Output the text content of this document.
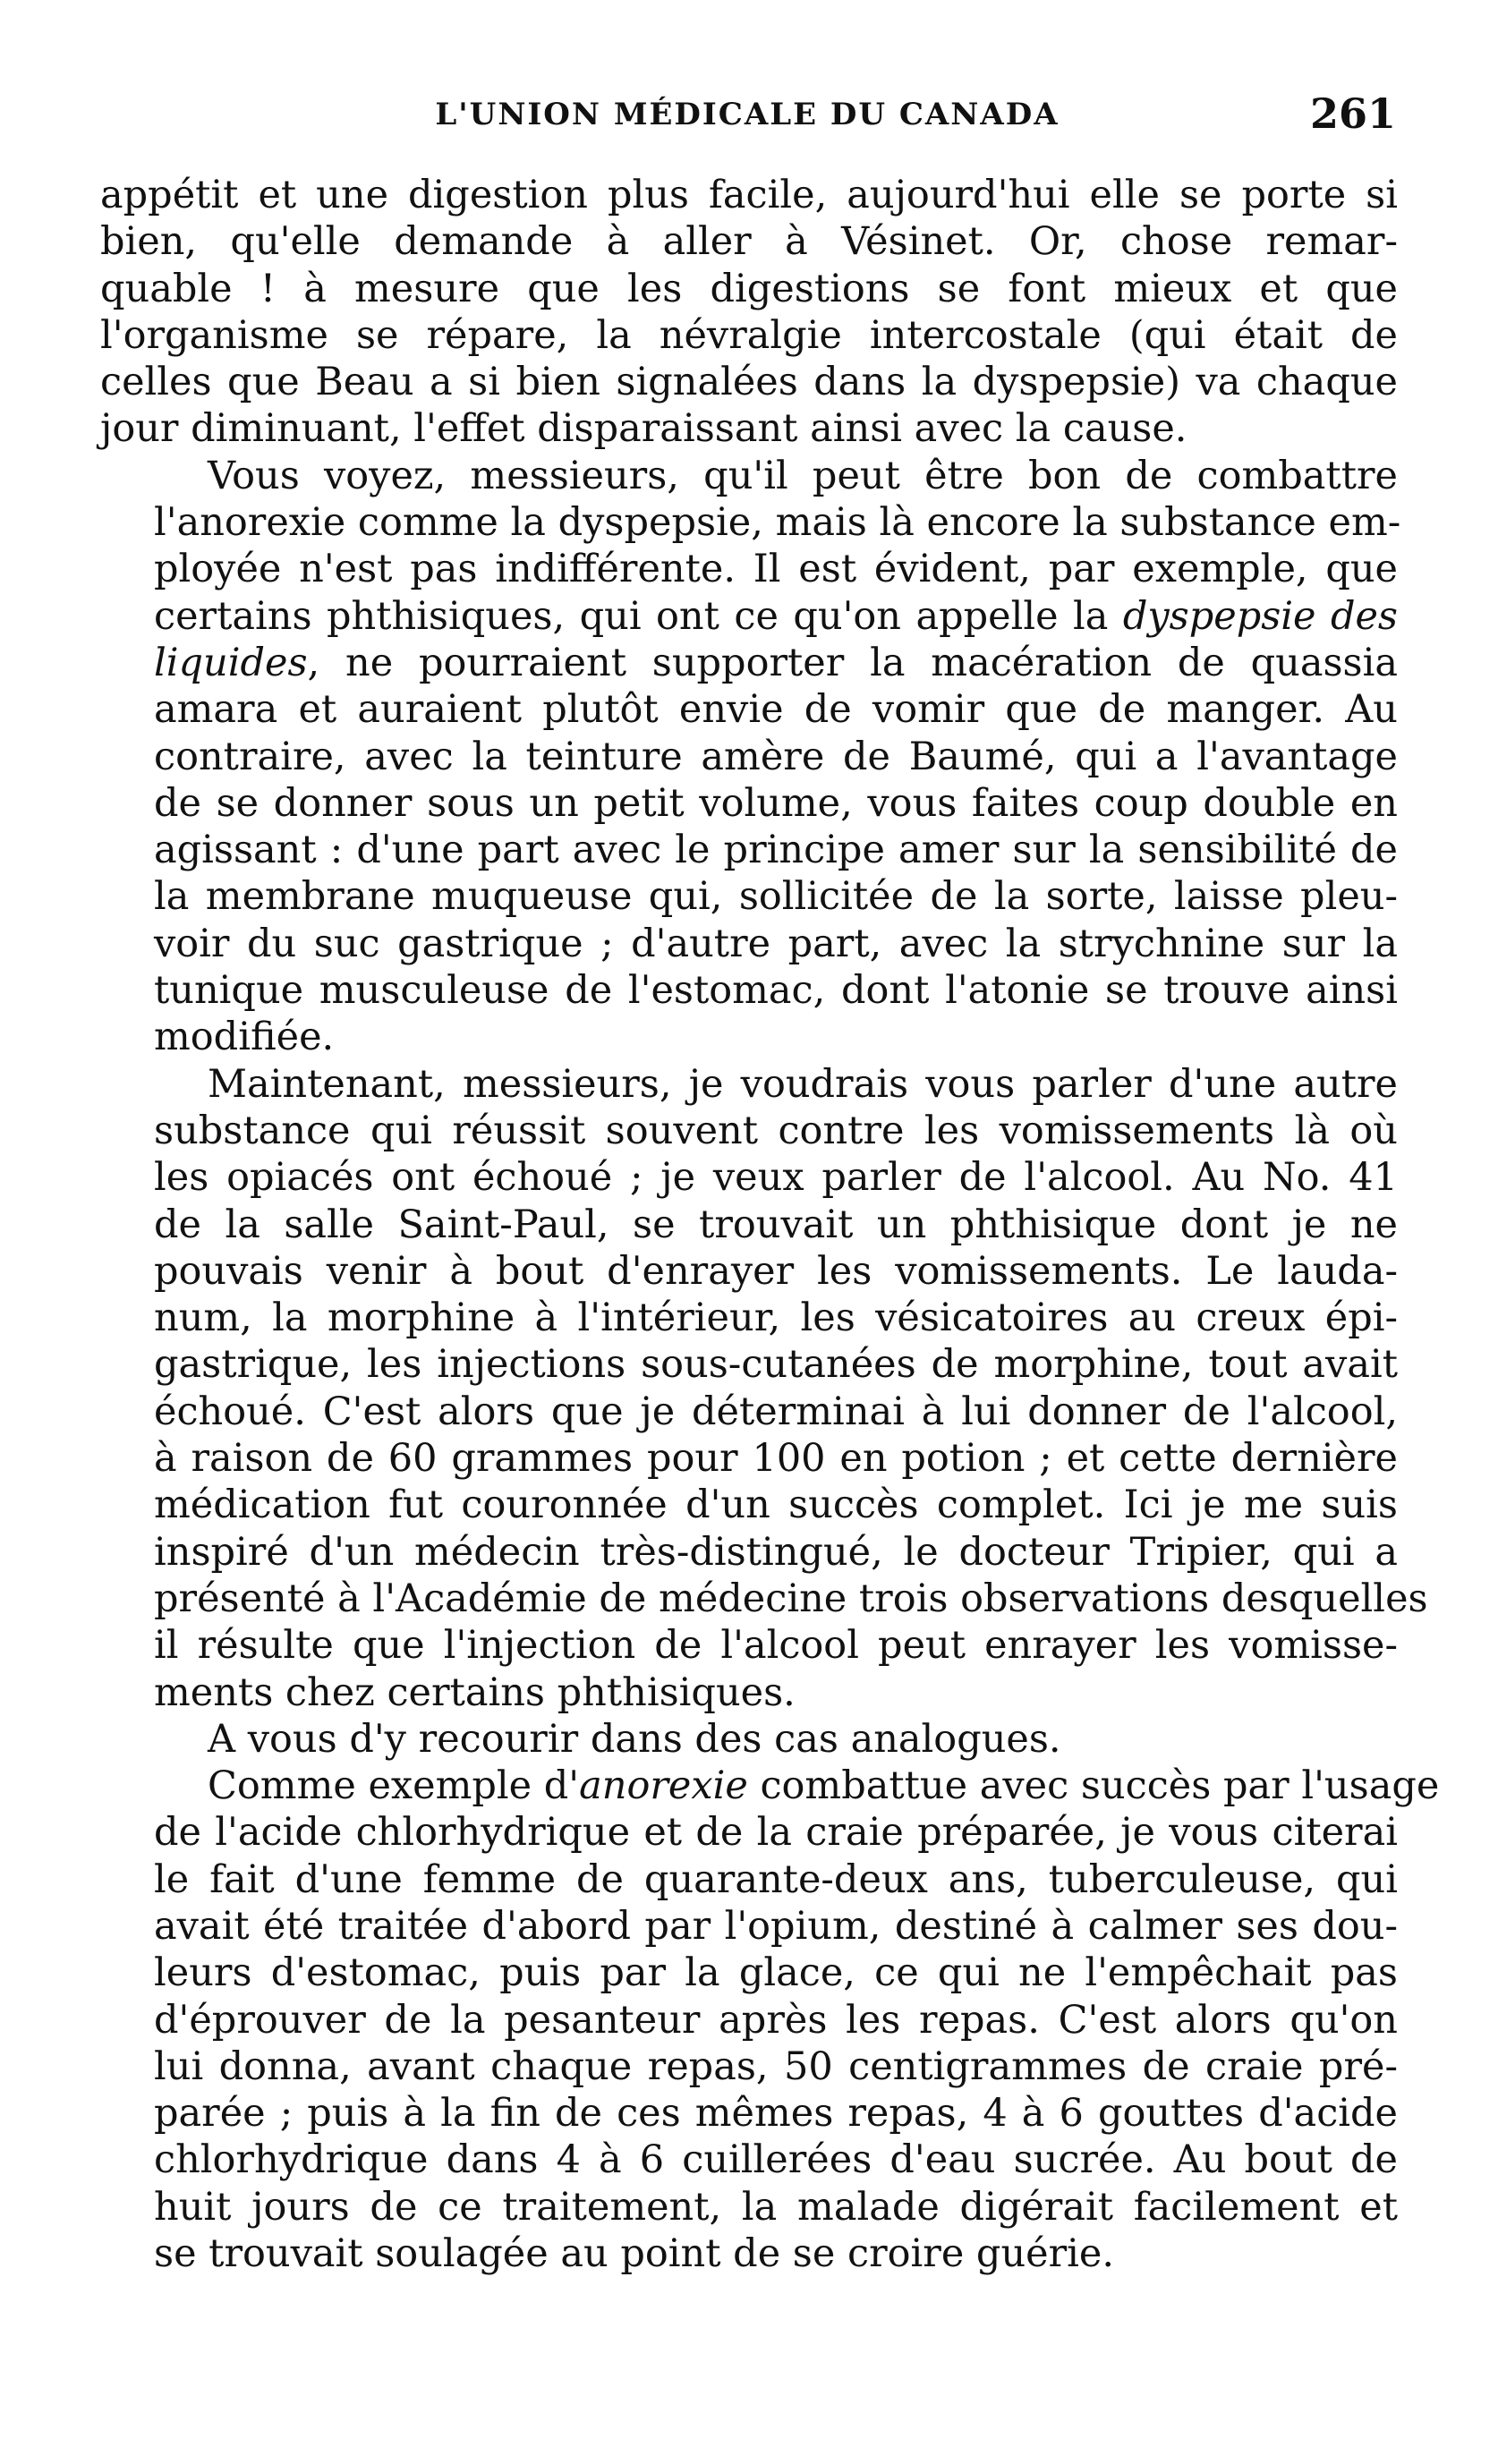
L'UNION MÉDICALE DU CANADA	261
appétit et une digestion plus facile, aujourd'hui elle se porte si
bien, qu'elle demande à aller à Vésinet. Or, chose remar-
quable ! à mesure que les digestions se font mieux et que
l'organisme se répare, la névralgie intercostale (qui était de
celles que Beau a si bien signalées dans la dyspepsie) va chaque
jour diminuant, l'effet disparaissant ainsi avec la cause.
Vous voyez, messieurs, qu'il peut être bon de combattre
l'anorexie comme la dyspepsie, mais là encore la substance em-
ployée n'est pas indifférente. Il est évident, par exemple, que
certains phthisiques, qui ont ce qu'on appelle la dyspepsie des
liquides, ne pourraient supporter la macération de quassia
amara et auraient plutôt envie de vomir que de manger. Au
contraire, avec la teinture amère de Baumé, qui a l'avantage
de se donner sous un petit volume, vous faites coup double en
agissant : d'une part avec le principe amer sur la sensibilité de
la membrane muqueuse qui, sollicitée de la sorte, laisse pleu-
voir du suc gastrique ; d'autre part, avec la strychnine sur la
tunique musculeuse de l'estomac, dont l'atonie se trouve ainsi
modifiée.
Maintenant, messieurs, je voudrais vous parler d'une autre
substance qui réussit souvent contre les vomissements là où
les opiacés ont échoué ; je veux parler de l'alcool. Au No. 41
de la salle Saint-Paul, se trouvait un phthisique dont je ne
pouvais venir à bout d'enrayer les vomissements. Le lauda-
num, la morphine à l'intérieur, les vésicatoires au creux épi-
gastrique, les injections sous-cutanées de morphine, tout avait
échoué. C'est alors que je déterminai à lui donner de l'alcool,
à raison de 60 grammes pour 100 en potion ; et cette dernière
médication fut couronnée d'un succès complet. Ici je me suis
inspiré d'un médecin très-distingué, le docteur Tripier, qui a
présenté à l'Académie de médecine trois observations desquelles
il résulte que l'injection de l'alcool peut enrayer les vomisse-
ments chez certains phthisiques.
A vous d'y recourir dans des cas analogues.
Comme exemple d'anorexie combattue avec succès par l'usage
de l'acide chlorhydrique et de la craie préparée, je vous citerai
le fait d'une femme de quarante-deux ans, tuberculeuse, qui
avait été traitée d'abord par l'opium, destiné à calmer ses dou-
leurs d'estomac, puis par la glace, ce qui ne l'empêchait pas
d'éprouver de la pesanteur après les repas. C'est alors qu'on
lui donna, avant chaque repas, 50 centigrammes de craie pré-
parée ; puis à la fin de ces mêmes repas, 4 à 6 gouttes d'acide
chlorhydrique dans 4 à 6 cuillerées d'eau sucrée. Au bout de
huit jours de ce traitement, la malade digérait facilement et
se trouvait soulagée au point de se croire guérie.
